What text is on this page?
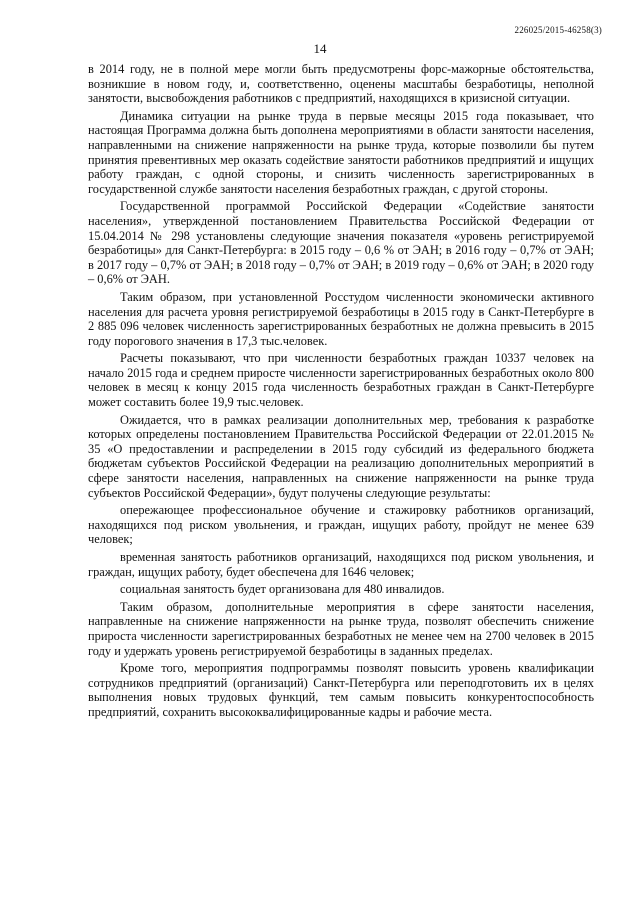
226025/2015-46258(3)
14

в 2014 году, не в полной мере могли быть предусмотрены форс-мажорные обстоятельства, возникшие в новом году, и, соответственно, оценены масштабы безработицы, неполной занятости, высвобождения работников с предприятий, находящихся в кризисной ситуации.

Динамика ситуации на рынке труда в первые месяцы 2015 года показывает, что настоящая Программа должна быть дополнена мероприятиями в области занятости населения, направленными на снижение напряженности на рынке труда, которые позволили бы путем принятия превентивных мер оказать содействие занятости работников предприятий и ищущих работу граждан, с одной стороны, и снизить численность зарегистрированных в государственной службе занятости населения безработных граждан, с другой стороны.

Государственной программой Российской Федерации «Содействие занятости населения», утвержденной постановлением Правительства Российской Федерации от 15.04.2014 № 298 установлены следующие значения показателя «уровень регистрируемой безработицы» для Санкт-Петербурга: в 2015 году – 0,6 % от ЭАН; в 2016 году – 0,7% от ЭАН; в 2017 году – 0,7% от ЭАН; в 2018 году – 0,7% от ЭАН; в 2019 году – 0,6% от ЭАН; в 2020 году – 0,6% от ЭАН.

Таким образом, при установленной Росстудом численности экономически активного населения для расчета уровня регистрируемой безработицы в 2015 году в Санкт-Петербурге в 2 885 096 человек численность зарегистрированных безработных не должна превысить в 2015 году порогового значения в 17,3 тыс.человек.

Расчеты показывают, что при численности безработных граждан 10337 человек на начало 2015 года и среднем приросте численности зарегистрированных безработных около 800 человек в месяц к концу 2015 года численность безработных граждан в Санкт-Петербурге может составить более 19,9 тыс.человек.

Ожидается, что в рамках реализации дополнительных мер, требования к разработке которых определены постановлением Правительства Российской Федерации от 22.01.2015 № 35 «О предоставлении и распределении в 2015 году субсидий из федерального бюджета бюджетам субъектов Российской Федерации на реализацию дополнительных мероприятий в сфере занятости населения, направленных на снижение напряженности на рынке труда субъектов Российской Федерации», будут получены следующие результаты:

опережающее профессиональное обучение и стажировку работников организаций, находящихся под риском увольнения, и граждан, ищущих работу, пройдут не менее 639 человек;

временная занятость работников организаций, находящихся под риском увольнения, и граждан, ищущих работу, будет обеспечена для 1646 человек;

социальная занятость будет организована для 480 инвалидов.

Таким образом, дополнительные мероприятия в сфере занятости населения, направленные на снижение напряженности на рынке труда, позволят обеспечить снижение прироста численности зарегистрированных безработных не менее чем на 2700 человек в 2015 году и удержать уровень регистрируемой безработицы в заданных пределах.

Кроме того, мероприятия подпрограммы позволят повысить уровень квалификации сотрудников предприятий (организаций) Санкт-Петербурга или переподготовить их в целях выполнения новых трудовых функций, тем самым повысить конкурентоспособность предприятий, сохранить высококвалифицированные кадры и рабочие места.
